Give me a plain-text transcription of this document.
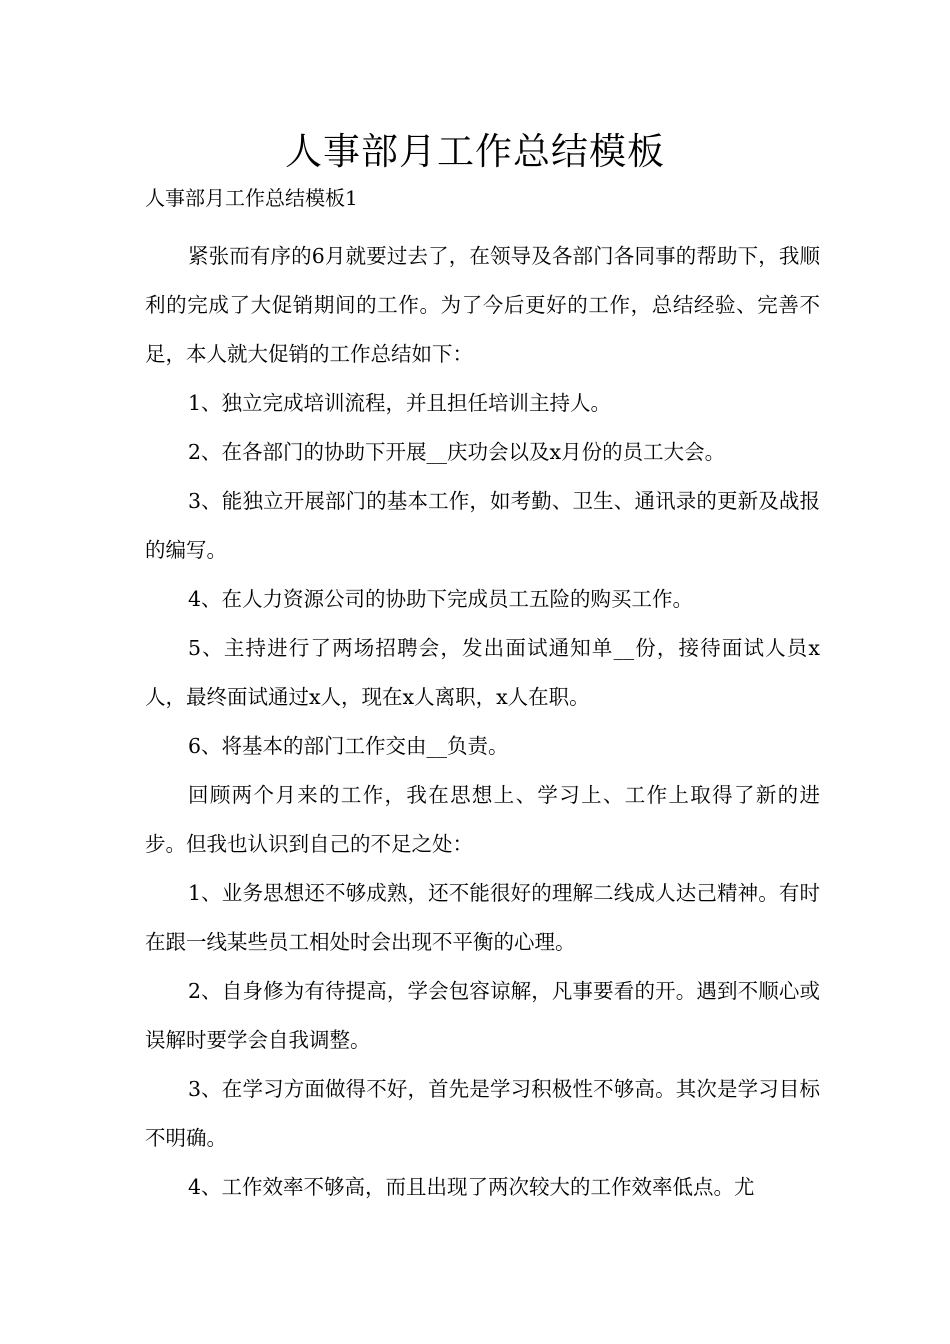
人事部月工作总结模板

人事部月工作总结模板1

紧张而有序的6月就要过去了，在领导及各部门各同事的帮助下，我顺利的完成了大促销期间的工作。为了今后更好的工作，总结经验、完善不足，本人就大促销的工作总结如下：

1、独立完成培训流程，并且担任培训主持人。

2、在各部门的协助下开展__庆功会以及x月份的员工大会。

3、能独立开展部门的基本工作，如考勤、卫生、通讯录的更新及战报的编写。

4、在人力资源公司的协助下完成员工五险的购买工作。

5、主持进行了两场招聘会，发出面试通知单__份，接待面试人员x人，最终面试通过x人，现在x人离职，x人在职。

6、将基本的部门工作交由__负责。

回顾两个月来的工作，我在思想上、学习上、工作上取得了新的进步。但我也认识到自己的不足之处：

1、业务思想还不够成熟，还不能很好的理解二线成人达己精神。有时在跟一线某些员工相处时会出现不平衡的心理。

2、自身修为有待提高，学会包容谅解，凡事要看的开。遇到不顺心或误解时要学会自我调整。

3、在学习方面做得不好，首先是学习积极性不够高。其次是学习目标不明确。

4、工作效率不够高，而且出现了两次较大的工作效率低点。尤
